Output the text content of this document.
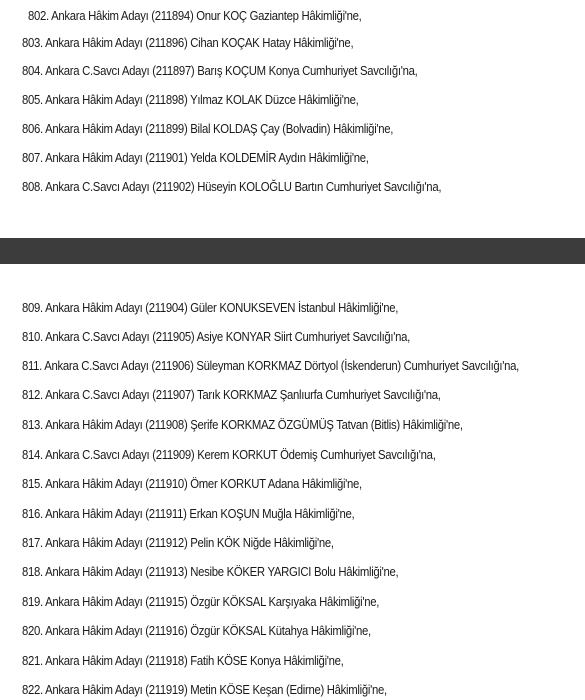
802. Ankara Hâkim Adayı (211894) Onur KOÇ Gaziantep Hâkimliği'ne,
803. Ankara Hâkim Adayı (211896) Cihan KOÇAK Hatay Hâkimliği'ne,
804. Ankara C.Savcı Adayı (211897) Barış KOÇUM Konya Cumhuriyet Savcılığı'na,
805. Ankara Hâkim Adayı (211898) Yılmaz KOLAK Düzce Hâkimliği'ne,
806. Ankara Hâkim Adayı (211899) Bilal KOLDAŞ Çay (Bolvadin) Hâkimliği'ne,
807. Ankara Hâkim Adayı (211901) Yelda KOLDEMİR Aydın Hâkimliği'ne,
808. Ankara C.Savcı Adayı (211902) Hüseyin KOLOĞLU Bartın Cumhuriyet Savcılığı'na,
809. Ankara Hâkim Adayı (211904) Güler KONUKSEVEN İstanbul Hâkimliği'ne,
810. Ankara C.Savcı Adayı (211905) Asiye KONYAR Siirt Cumhuriyet Savcılığı'na,
811. Ankara C.Savcı Adayı (211906) Süleyman KORKMAZ Dörtyol (İskenderun) Cumhuriyet Savcılığı'na,
812. Ankara C.Savcı Adayı (211907) Tarık KORKMAZ Şanlıurfa Cumhuriyet Savcılığı'na,
813. Ankara Hâkim Adayı (211908) Şerife KORKMAZ ÖZGÜMÜŞ Tatvan (Bitlis) Hâkimliği'ne,
814. Ankara C.Savcı Adayı (211909) Kerem KORKUT Ödemiş Cumhuriyet Savcılığı'na,
815. Ankara Hâkim Adayı (211910) Ömer KORKUT Adana Hâkimliği'ne,
816. Ankara Hâkim Adayı (211911) Erkan KOŞUN Muğla Hâkimliği'ne,
817. Ankara Hâkim Adayı (211912) Pelin KÖK Niğde Hâkimliği'ne,
818. Ankara Hâkim Adayı (211913) Nesibe KÖKER YARGICI Bolu Hâkimliği'ne,
819. Ankara Hâkim Adayı (211915) Özgür KÖKSAL Karşıyaka Hâkimliği'ne,
820. Ankara Hâkim Adayı (211916) Özgür KÖKSAL Kütahya Hâkimliği'ne,
821. Ankara Hâkim Adayı (211918) Fatih KÖSE Konya Hâkimliği'ne,
822. Ankara Hâkim Adayı (211919) Metin KÖSE Keşan (Edirne) Hâkimliği'ne,
